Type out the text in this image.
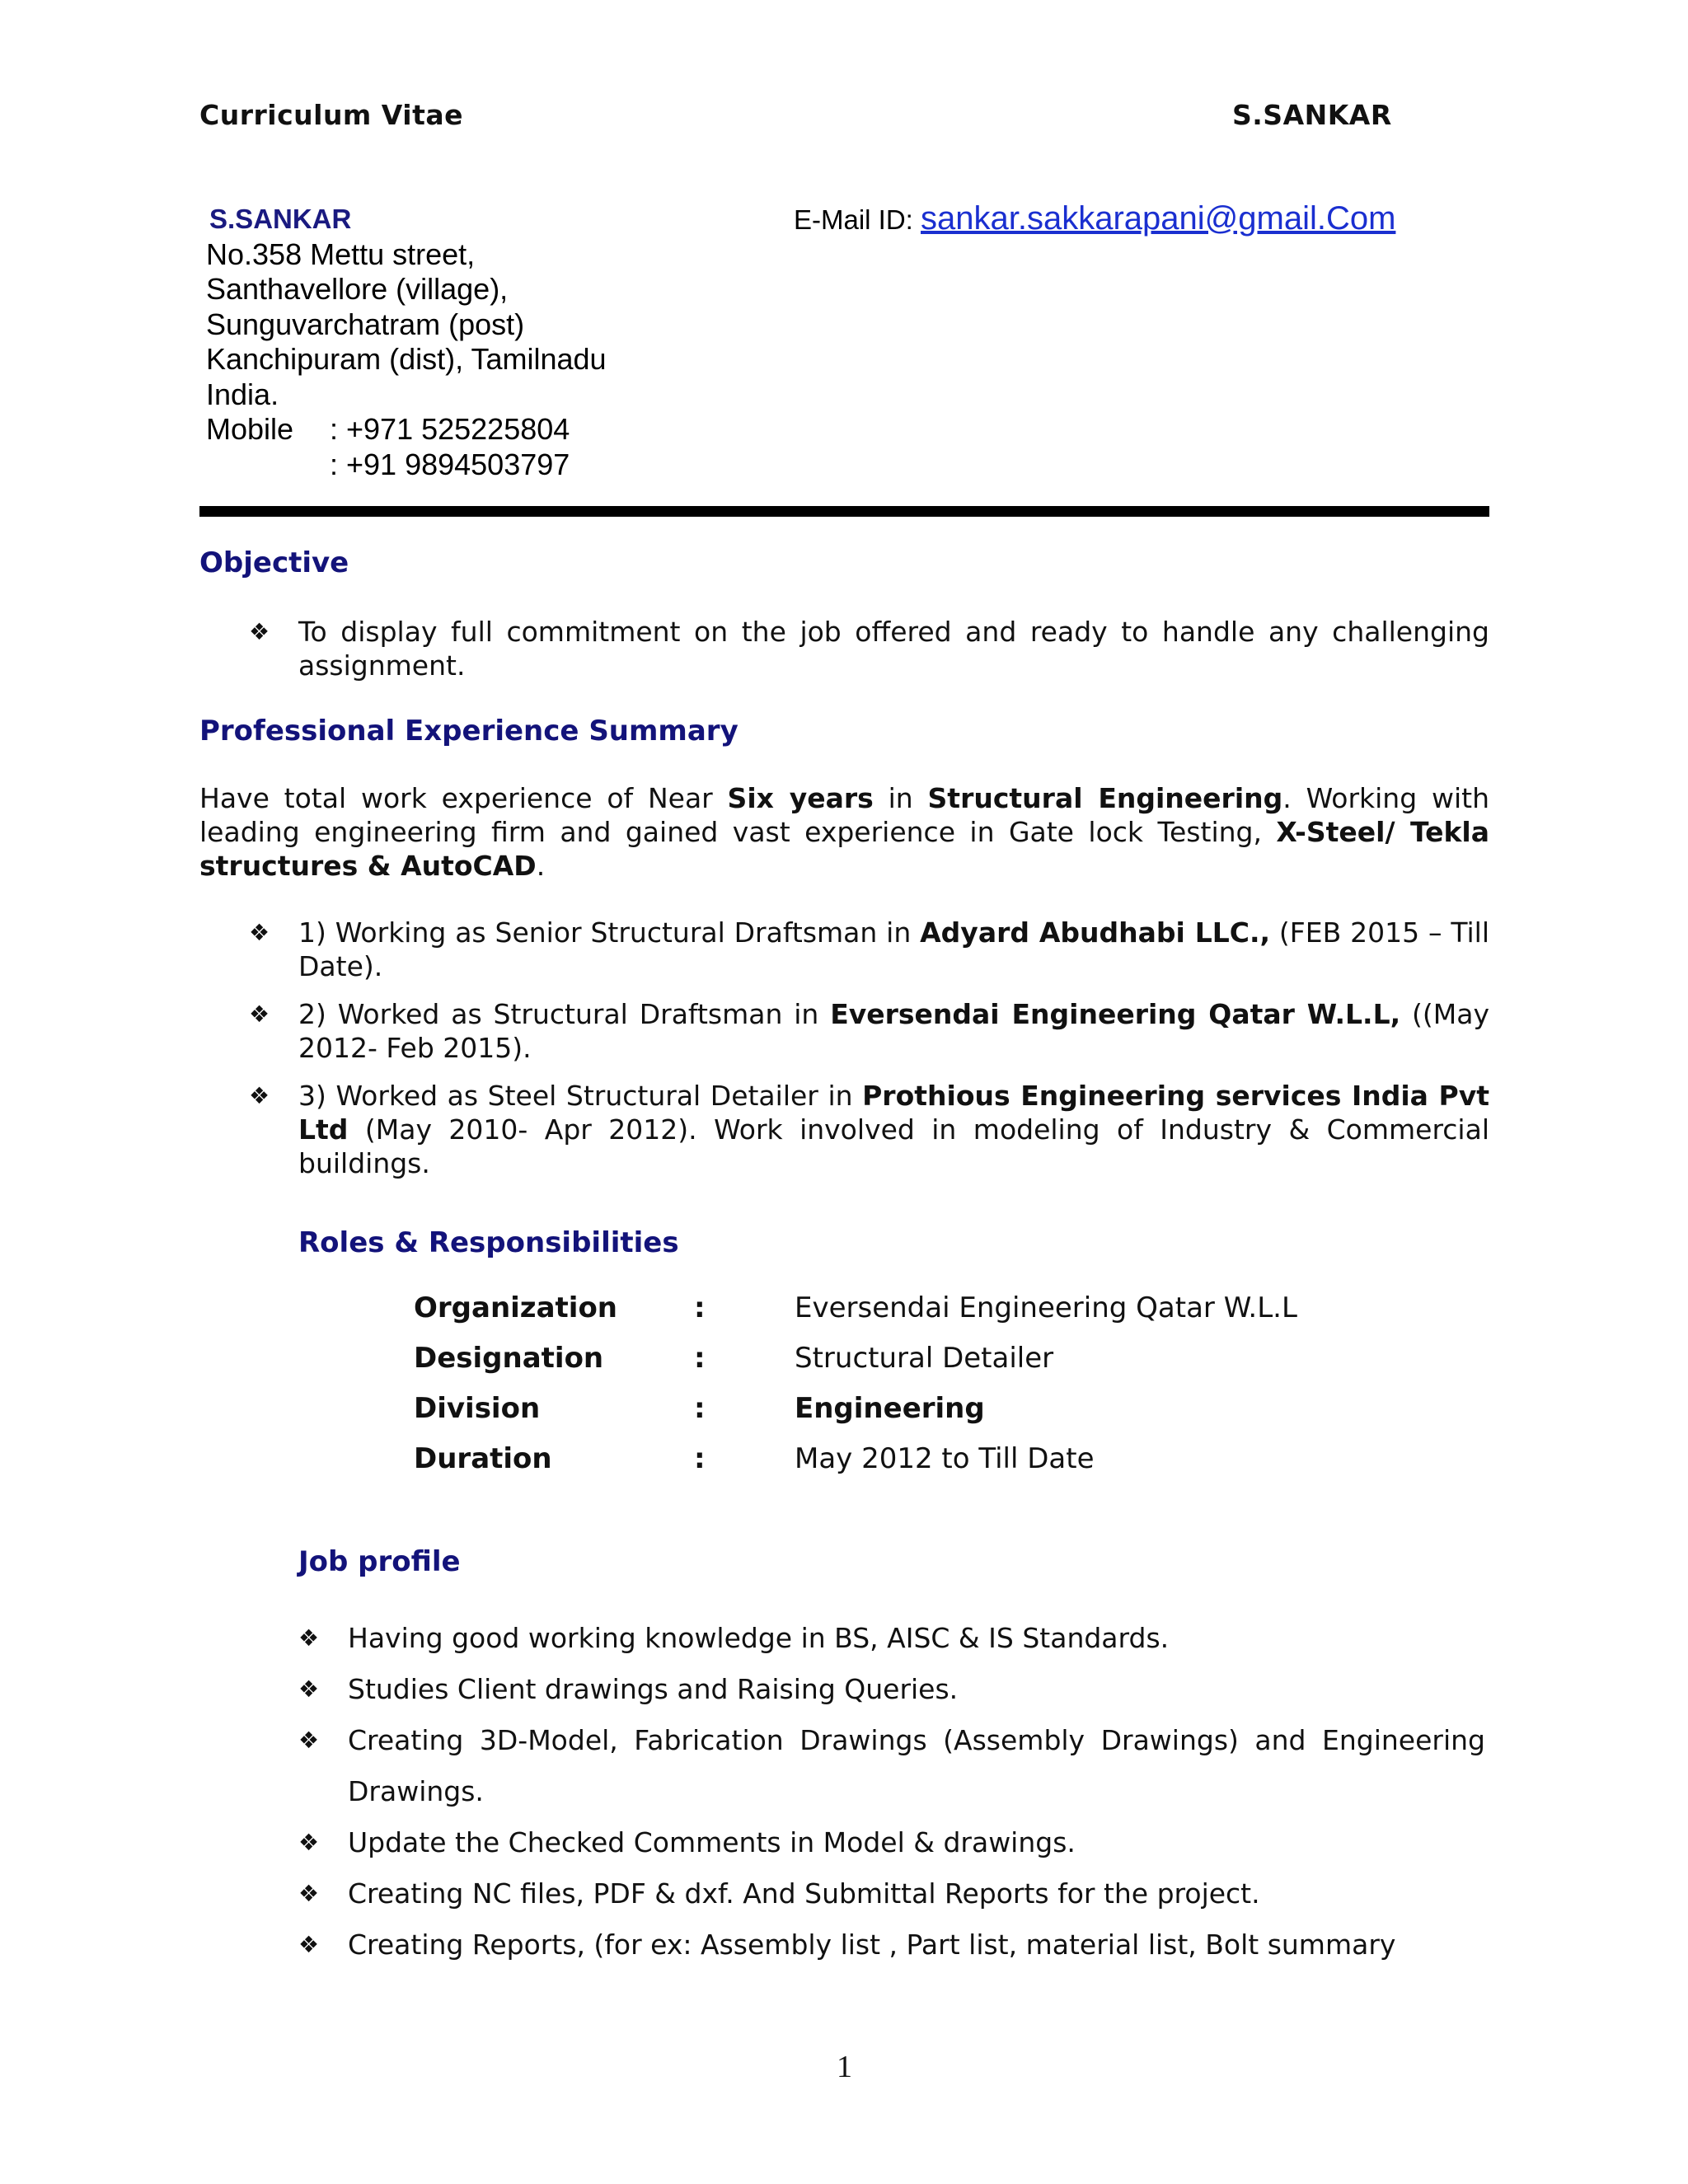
Curriculum Vitae	S.SANKAR
S.SANKAR
No.358 Mettu street,
Santhavellore (village),
Sunguvarchatram (post)
Kanchipuram (dist), Tamilnadu
India.
Mobile	: +971 525225804
: +91 9894503797
E-Mail ID: sankar.sakkarapani@gmail.Com
Objective
❖ To display full commitment on the job offered and ready to handle any challenging assignment.
Professional Experience Summary
Have total work experience of Near Six years in Structural Engineering. Working with leading engineering firm and gained vast experience in Gate lock Testing, X-Steel/ Tekla structures & AutoCAD.
❖ 1) Working as Senior Structural Draftsman in Adyard Abudhabi LLC., (FEB 2015 – Till Date).
❖ 2) Worked as Structural Draftsman in Eversendai Engineering Qatar W.L.L, ((May 2012- Feb 2015).
❖ 3) Worked as Steel Structural Detailer in Prothious Engineering services India Pvt Ltd (May 2010- Apr 2012). Work involved in modeling of Industry & Commercial buildings.
Roles & Responsibilities
Organization	:	Eversendai Engineering Qatar W.L.L
Designation	:	Structural Detailer
Division	:	Engineering
Duration	:	May 2012 to Till Date
Job profile
❖ Having good working knowledge in BS, AISC & IS Standards.
❖ Studies Client drawings and Raising Queries.
❖ Creating 3D-Model, Fabrication Drawings (Assembly Drawings) and Engineering Drawings.
❖ Update the Checked Comments in Model & drawings.
❖ Creating NC files, PDF & dxf. And Submittal Reports for the project.
❖ Creating Reports, (for ex: Assembly list , Part list, material list, Bolt summary
1
